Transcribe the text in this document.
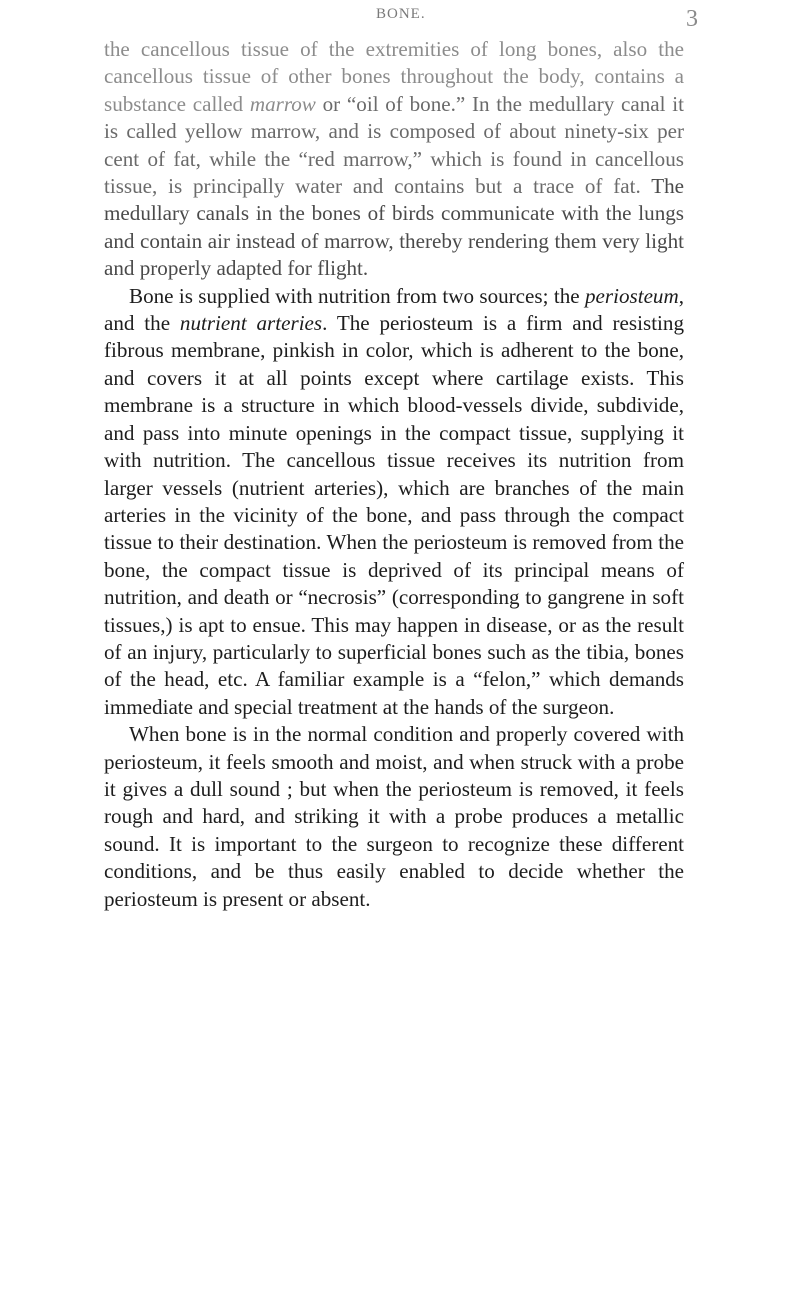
BONE.	3

the cancellous tissue of the extremities of long bones, also the cancellous tissue of other bones throughout the body, contains a substance called marrow or “oil of bone.” In the medullary canal it is called yellow marrow, and is composed of about ninety-six per cent of fat, while the “red marrow,” which is found in cancellous tissue, is principally water and contains but a trace of fat. The medullary canals in the bones of birds communicate with the lungs and contain air instead of marrow, thereby rendering them very light and properly adapted for flight.

Bone is supplied with nutrition from two sources; the periosteum, and the nutrient arteries. The periosteum is a firm and resisting fibrous membrane, pinkish in color, which is adherent to the bone, and covers it at all points except where cartilage exists. This membrane is a structure in which blood-vessels divide, subdivide, and pass into minute openings in the compact tissue, supplying it with nutrition. The cancellous tissue receives its nutrition from larger vessels (nutrient arteries), which are branches of the main arteries in the vicinity of the bone, and pass through the compact tissue to their destination. When the periosteum is removed from the bone, the compact tissue is deprived of its principal means of nutrition, and death or “necrosis” (corresponding to gangrene in soft tissues,) is apt to ensue. This may happen in disease, or as the result of an injury, particularly to superficial bones such as the tibia, bones of the head, etc. A familiar example is a “felon,” which demands immediate and special treatment at the hands of the surgeon.

When bone is in the normal condition and properly covered with periosteum, it feels smooth and moist, and when struck with a probe it gives a dull sound ; but when the periosteum is removed, it feels rough and hard, and striking it with a probe produces a metallic sound. It is important to the surgeon to recognize these different conditions, and be thus easily enabled to decide whether the periosteum is present or absent.
